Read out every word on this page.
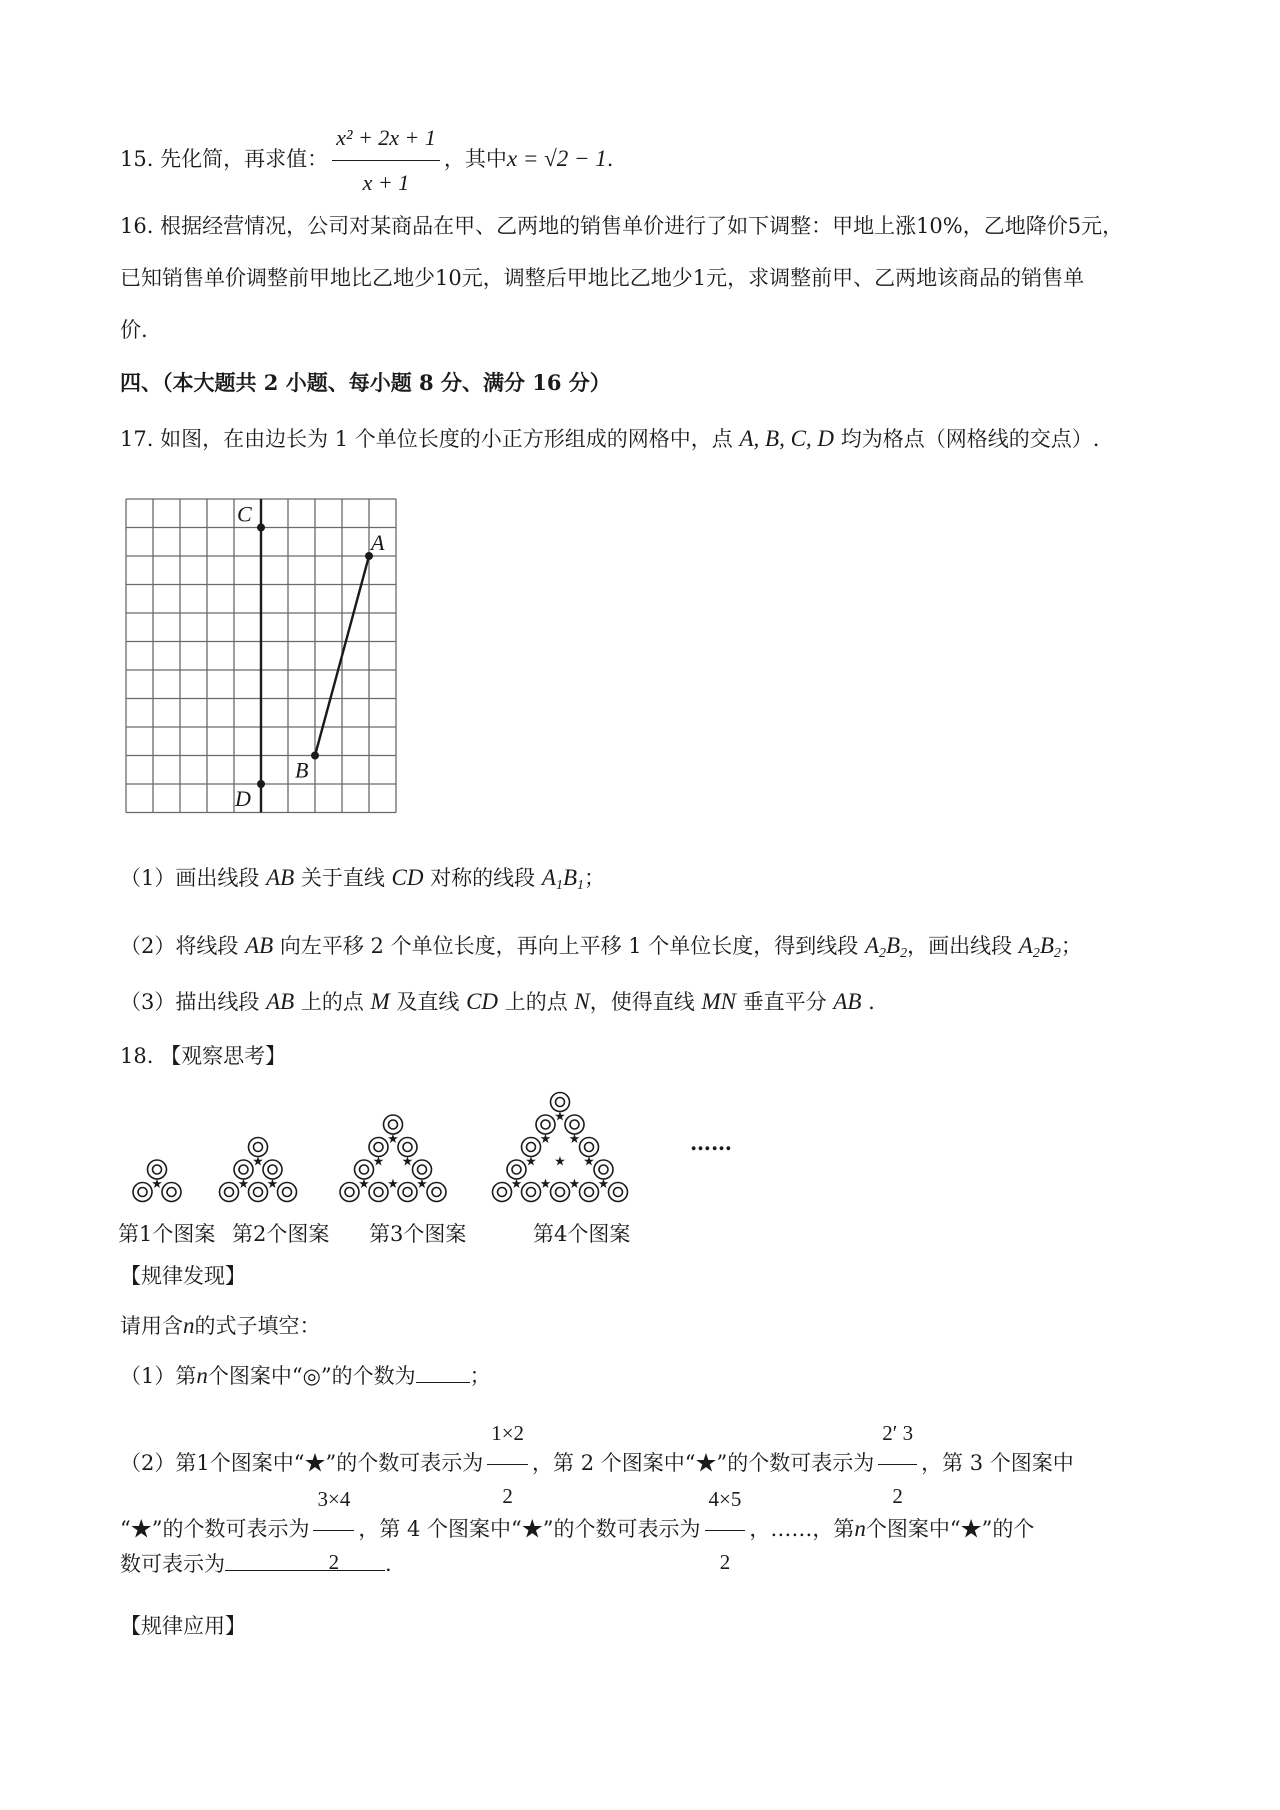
15. 先化简，再求值： $\frac{\text{x² + 2x + 1}}{x + 1}$ ，其中x = √2 − 1.
16. 根据经营情况，公司对某商品在甲、乙两地的销售单价进行了如下调整：甲地上涨10%，乙地降价5元，
已知销售单价调整前甲地比乙地少10元，调整后甲地比乙地少1元，求调整前甲、乙两地该商品的销售单
价.
四、（本大题共 2 小题、每小题 8 分、满分 16 分）
17. 如图，在由边长为 1 个单位长度的小正方形组成的网格中，点 A, B, C, D 均为格点（网格线的交点）.
A
B
C
D
（1）画出线段 AB 关于直线 CD 对称的线段 $A_1B_1$；
（2）将线段 AB 向左平移 2 个单位长度，再向上平移 1 个单位长度，得到线段 $A_2B_2$，画出线段 $A_2B_2$；
（3）描出线段 AB 上的点 M 及直线 CD 上的点 N，使得直线 MN 垂直平分 AB .
18. 【观察思考】
★
★
★ ★
★
★ ★
★ ★ ★
★
★ ★
★ ★ ★
★ ★ ★ ★
第1个图案 第2个图案 第3个图案	第4个图案
……
【规律发现】
请用含n的式子填空：
（1）第n个图案中“◎”的个数为	；
（2）第1个图案中“★”的个数可表示为 $\frac{1\times 2}{2}$ ，第 2 个图案中“★”的个数可表示为 $\frac{2' 3}{2}$ ，第 3 个图案中
“★”的个数可表示为 $\frac{3\times 4}{2}$ ，第 4 个图案中“★”的个数可表示为 $\frac{4\times 5}{2}$ ，……，第n个图案中“★”的个
数可表示为	.
【规律应用】
